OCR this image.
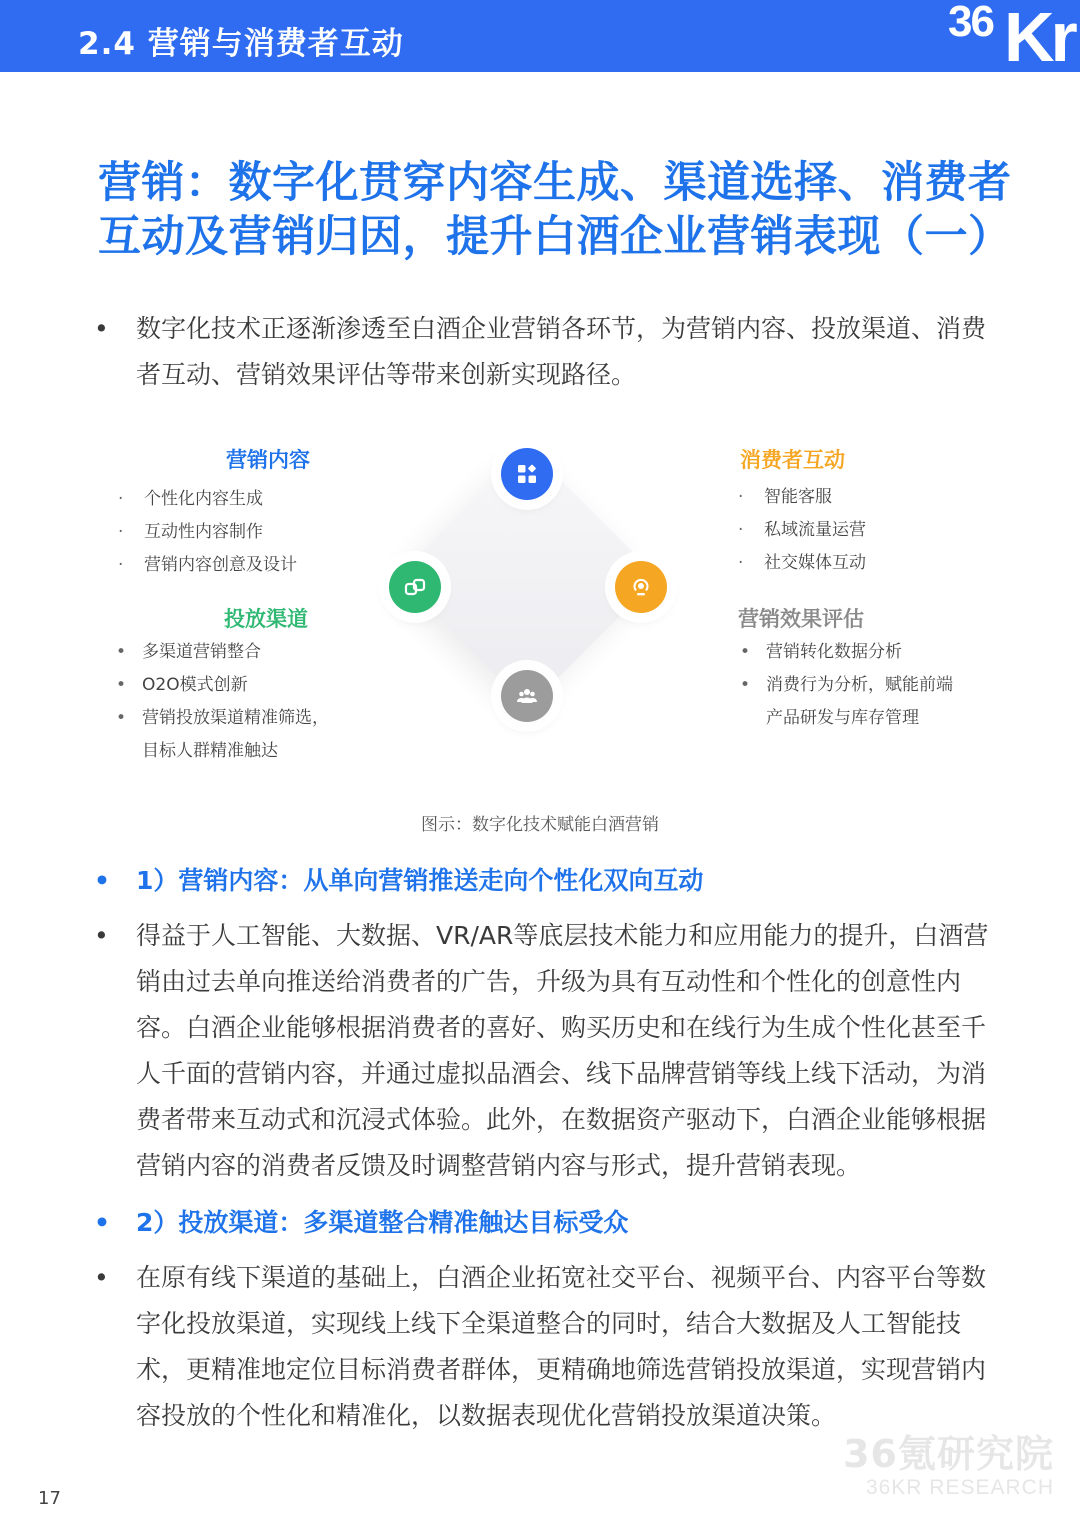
2.4 营销与消费者互动	36 Kr
营销：数字化贯穿内容生成、渠道选择、消费者
互动及营销归因，提升白酒企业营销表现（一）
• 数字化技术正逐渐渗透至白酒企业营销各环节，为营销内容、投放渠道、消费者互动、营销效果评估等带来创新实现路径。
营销内容
· 个性化内容生成
· 互动性内容制作
· 营销内容创意及设计
投放渠道
• 多渠道营销整合
• O2O模式创新
• 营销投放渠道精准筛选，目标人群精准触达
消费者互动
· 智能客服
· 私域流量运营
· 社交媒体互动
营销效果评估
• 营销转化数据分析
• 消费行为分析，赋能前端产品研发与库存管理
图示：数字化技术赋能白酒营销
• 1）营销内容：从单向营销推送走向个性化双向互动
• 得益于人工智能、大数据、VR/AR等底层技术能力和应用能力的提升，白酒营销由过去单向推送给消费者的广告，升级为具有互动性和个性化的创意性内容。白酒企业能够根据消费者的喜好、购买历史和在线行为生成个性化甚至千人千面的营销内容，并通过虚拟品酒会、线下品牌营销等线上线下活动，为消费者带来互动式和沉浸式体验。此外，在数据资产驱动下，白酒企业能够根据营销内容的消费者反馈及时调整营销内容与形式，提升营销表现。
• 2）投放渠道：多渠道整合精准触达目标受众
• 在原有线下渠道的基础上，白酒企业拓宽社交平台、视频平台、内容平台等数字化投放渠道，实现线上线下全渠道整合的同时，结合大数据及人工智能技术，更精准地定位目标消费者群体，更精确地筛选营销投放渠道，实现营销内容投放的个性化和精准化，以数据表现优化营销投放渠道决策。
17
36氪研究院
36KR RESEARCH
